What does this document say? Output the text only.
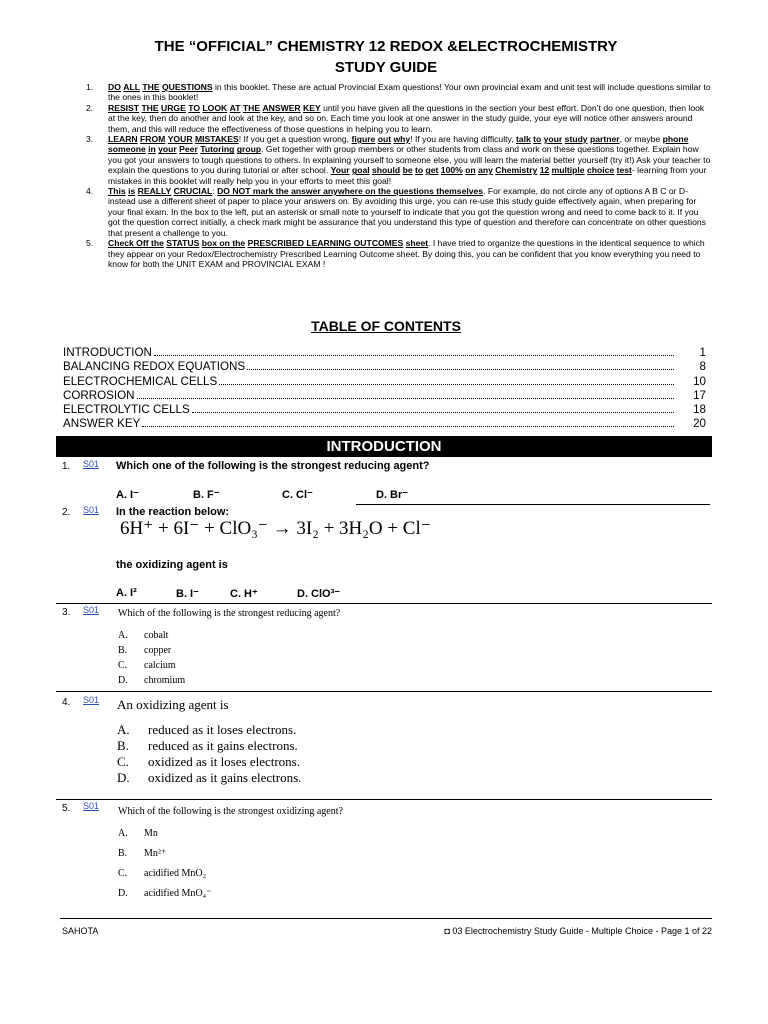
THE “OFFICIAL” CHEMISTRY 12 REDOX &ELECTROCHEMISTRY
STUDY GUIDE
1. DO ALL THE QUESTIONS in this booklet. These are actual Provincial Exam questions! Your own provincial exam and unit test will include questions similar to the ones in this booklet!
2. RESIST THE URGE TO LOOK AT THE ANSWER KEY until you have given all the questions in the section your best effort. Don’t do one question, then look at the key, then do another and look at the key, and so on. Each time you look at one answer in the study guide, your eye will notice other answers around them, and this will reduce the effectiveness of those questions in helping you to learn.
3. LEARN FROM YOUR MISTAKES! If you get a question wrong, figure out why! If you are having difficulty, talk to your study partner, or maybe phone someone in your Peer Tutoring group. Get together with group members or other students from class and work on these questions together. Explain how you got your answers to tough questions to others. In explaining yourself to someone else, you will learn the material better yourself (try it!) Ask your teacher to explain the questions to you during tutorial or after school. Your goal should be to get 100% on any Chemistry 12 multiple choice test- learning from your mistakes in this booklet will really help you in your efforts to meet this goal!
4. This is REALLY CRUCIAL: DO NOT mark the answer anywhere on the questions themselves. For example, do not circle any of options A B C or D-instead use a different sheet of paper to place your answers on. By avoiding this urge, you can re-use this study guide effectively again, when preparing for your final exam. In the box to the left, put an asterisk or small note to yourself to indicate that you got the question wrong and need to come back to it. If you got the question correct initially, a check mark might be assurance that you understand this type of question and therefore can concentrate on other questions that present a challenge to you.
5. Check Off the STATUS box on the PRESCRIBED LEARNING OUTCOMES sheet. I have tried to organize the questions in the identical sequence to which they appear on your Redox/Electrochemistry Prescribed Learning Outcome sheet. By doing this, you can be confident that you know everything you need to know for both the UNIT EXAM and PROVINCIAL EXAM !
TABLE OF CONTENTS
INTRODUCTION	1
BALANCING REDOX EQUATIONS	8
ELECTROCHEMICAL CELLS	10
CORROSION	17
ELECTROLYTIC CELLS	18
ANSWER KEY	20
INTRODUCTION
1. S01 Which one of the following is the strongest reducing agent?
A. I⁻	B. F⁻	C. Cl⁻	D. Br⁻
2. S01 In the reaction below:
6H⁺ + 6I⁻ + ClO₃⁻ → 3I₂ + 3H₂O + Cl⁻
the oxidizing agent is
A. I²	B. I⁻	C. H⁺	D. ClO³⁻
3. S01 Which of the following is the strongest reducing agent?
A.	cobalt
B.	copper
C.	calcium
D.	chromium
4. S01 An oxidizing agent is
A.	reduced as it loses electrons.
B.	reduced as it gains electrons.
C.	oxidized as it loses electrons.
D.	oxidized as it gains electrons.
5. S01 Which of the following is the strongest oxidizing agent?
A.	Mn
B.	Mn²⁺
C.	acidified MnO₂
D.	acidified MnO₄⁻
SAHOTA	◘ 03 Electrochemistry Study Guide - Multiple Choice - Page 1 of 22
